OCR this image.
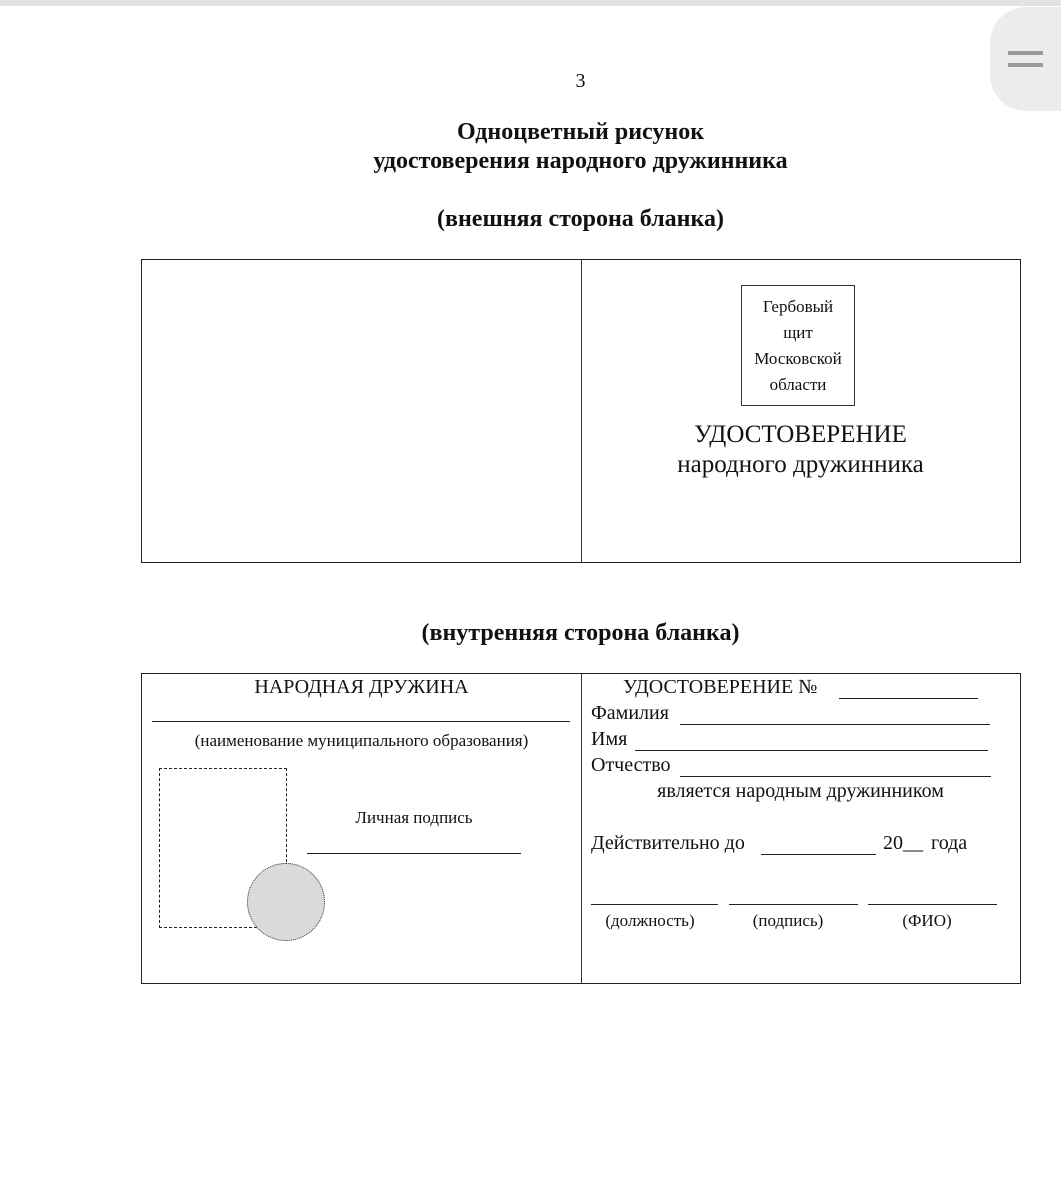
3
Одноцветный рисунок
удостоверения народного дружинника
(внешняя сторона бланка)
Гербовый
щит
Московской
области
УДОСТОВЕРЕНИЕ
народного дружинника
(внутренняя сторона бланка)
НАРОДНАЯ ДРУЖИНА
(наименование муниципального образования)
Личная подпись
УДОСТОВЕРЕНИЕ №
Фамилия
Имя
Отчество
является народным дружинником
Действительно до	20__ года
(должность)	(подпись)	(ФИО)
